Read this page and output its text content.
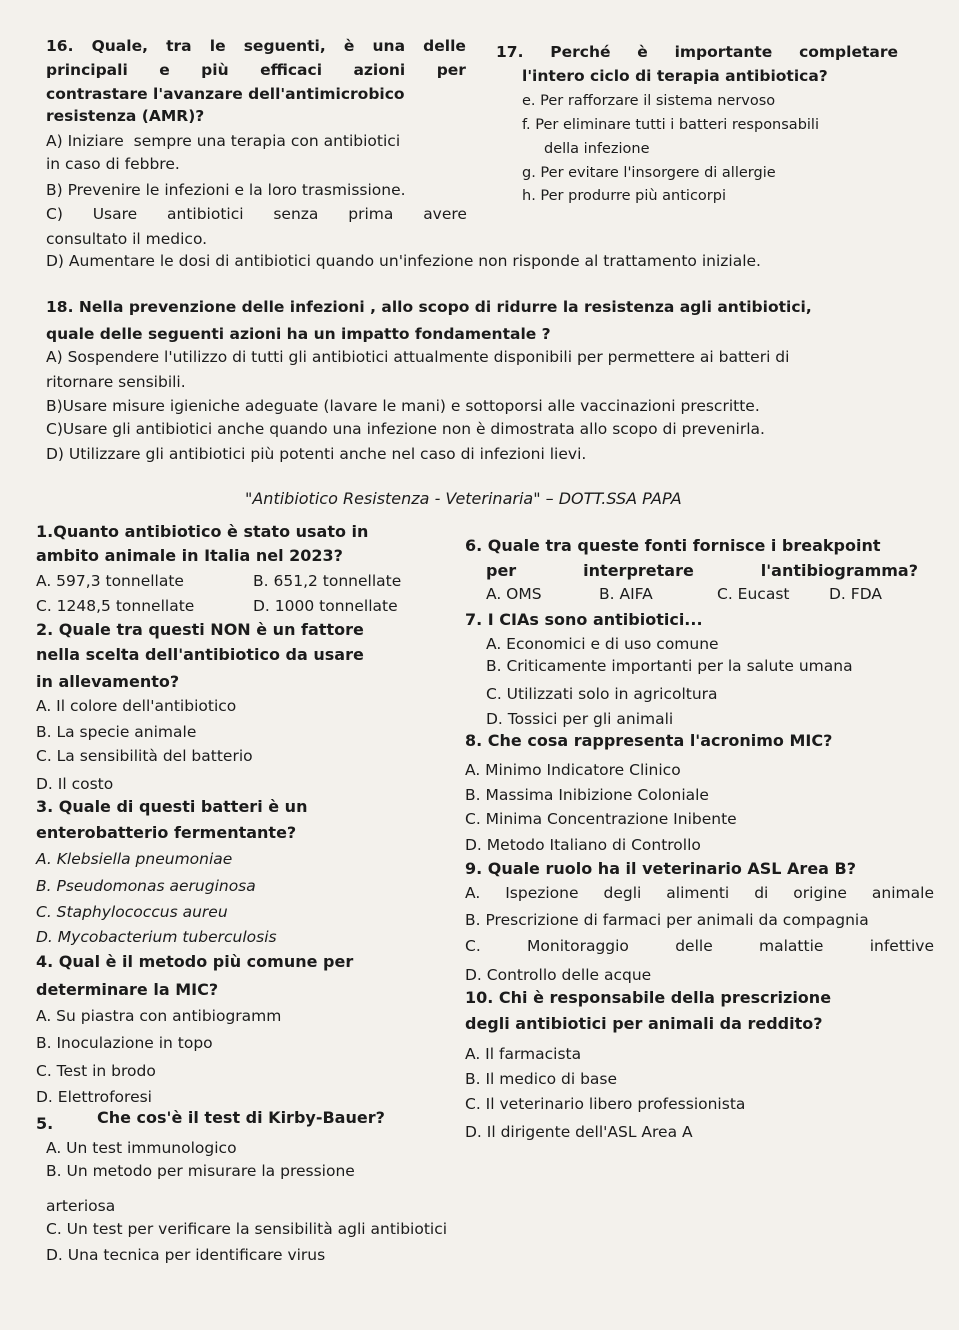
16. Quale, tra le seguenti, è una delle
principali e più efficaci azioni per
contrastare l'avanzare dell'antimicrobico
resistenza (AMR)?
A) Iniziare sempre una terapia con antibiotici
in caso di febbre.
B) Prevenire le infezioni e la loro trasmissione.
C) Usare antibiotici senza prima avere
consultato il medico.
D) Aumentare le dosi di antibiotici quando un'infezione non risponde al trattamento iniziale.
17. Perché è importante completare
l'intero ciclo di terapia antibiotica?
e. Per rafforzare il sistema nervoso
f. Per eliminare tutti i batteri responsabili
della infezione
g. Per evitare l'insorgere di allergie
h. Per produrre più anticorpi
18. Nella prevenzione delle infezioni , allo scopo di ridurre la resistenza agli antibiotici,
quale delle seguenti azioni ha un impatto fondamentale ?
A) Sospendere l'utilizzo di tutti gli antibiotici attualmente disponibili per permettere ai batteri di
ritornare sensibili.
B)Usare misure igieniche adeguate (lavare le mani) e sottoporsi alle vaccinazioni prescritte.
C)Usare gli antibiotici anche quando una infezione non è dimostrata allo scopo di prevenirla.
D) Utilizzare gli antibiotici più potenti anche nel caso di infezioni lievi.
"Antibiotico Resistenza - Veterinaria" – DOTT.SSA PAPA
1.Quanto antibiotico è stato usato in
ambito animale in Italia nel 2023?
A. 597,3 tonnellate	B. 651,2 tonnellate
C. 1248,5 tonnellate	D. 1000 tonnellate
2. Quale tra questi NON è un fattore
nella scelta dell'antibiotico da usare
in allevamento?
A. Il colore dell'antibiotico
B. La specie animale
C. La sensibilità del batterio
D. Il costo
3. Quale di questi batteri è un
enterobatterio fermentante?
A. Klebsiella pneumoniae
B. Pseudomonas aeruginosa
C. Staphylococcus aureu
D. Mycobacterium tuberculosis
4. Qual è il metodo più comune per
determinare la MIC?
A. Su piastra con antibiogramm
B. Inoculazione in topo
C. Test in brodo
D. Elettroforesi
5.	Che cos'è il test di Kirby-Bauer?
A. Un test immunologico
B. Un metodo per misurare la pressione
arteriosa
C. Un test per verificare la sensibilità agli antibiotici
D. Una tecnica per identificare virus
6. Quale tra queste fonti fornisce i breakpoint
per	interpretare	l'antibiogramma?
A. OMS	B. AIFA	C. Eucast	D. FDA
7. I CIAs sono antibiotici...
A. Economici e di uso comune
B. Criticamente importanti per la salute umana
C. Utilizzati solo in agricoltura
D. Tossici per gli animali
8. Che cosa rappresenta l'acronimo MIC?
A. Minimo Indicatore Clinico
B. Massima Inibizione Coloniale
C. Minima Concentrazione Inibente
D. Metodo Italiano di Controllo
9. Quale ruolo ha il veterinario ASL Area B?
A. Ispezione degli alimenti di origine animale
B. Prescrizione di farmaci per animali da compagnia
C.	Monitoraggio	delle	malattie	infettive
D. Controllo delle acque
10. Chi è responsabile della prescrizione
degli antibiotici per animali da reddito?
A. Il farmacista
B. Il medico di base
C. Il veterinario libero professionista
D. Il dirigente dell'ASL Area A
